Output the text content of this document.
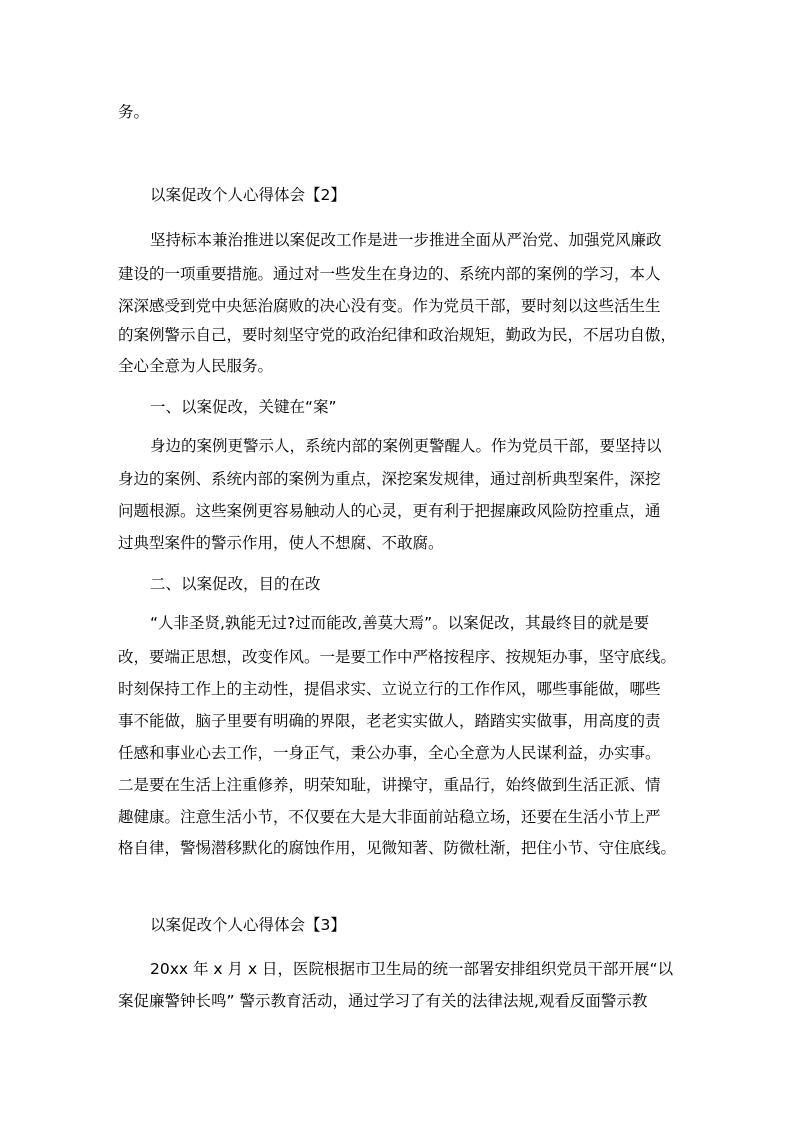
务。
以案促改个人心得体会【2】
坚持标本兼治推进以案促改工作是进一步推进全面从严治党、加强党风廉政
建设的一项重要措施。通过对一些发生在身边的、系统内部的案例的学习，本人
深深感受到党中央惩治腐败的决心没有变。作为党员干部，要时刻以这些活生生
的案例警示自己，要时刻坚守党的政治纪律和政治规矩，勤政为民，不居功自傲，
全心全意为人民服务。
一、以案促改，关键在“案”
身边的案例更警示人，系统内部的案例更警醒人。作为党员干部，要坚持以
身边的案例、系统内部的案例为重点，深挖案发规律，通过剖析典型案件，深挖
问题根源。这些案例更容易触动人的心灵，更有利于把握廉政风险防控重点，通
过典型案件的警示作用，使人不想腐、不敢腐。
二、以案促改，目的在改
“人非圣贤,孰能无过?过而能改,善莫大焉”。以案促改，其最终目的就是要
改，要端正思想，改变作风。一是要工作中严格按程序、按规矩办事，坚守底线。
时刻保持工作上的主动性，提倡求实、立说立行的工作作风，哪些事能做，哪些
事不能做，脑子里要有明确的界限，老老实实做人，踏踏实实做事，用高度的责
任感和事业心去工作，一身正气，秉公办事，全心全意为人民谋利益，办实事。
二是要在生活上注重修养，明荣知耻，讲操守，重品行，始终做到生活正派、情
趣健康。注意生活小节，不仅要在大是大非面前站稳立场，还要在生活小节上严
格自律，警惕潜移默化的腐蚀作用，见微知著、防微杜渐，把住小节、守住底线。
以案促改个人心得体会【3】
20xx 年 x 月 x 日，医院根据市卫生局的统一部署安排组织党员干部开展“以
案促廉警钟长鸣” 警示教育活动，通过学习了有关的法律法规,观看反面警示教
